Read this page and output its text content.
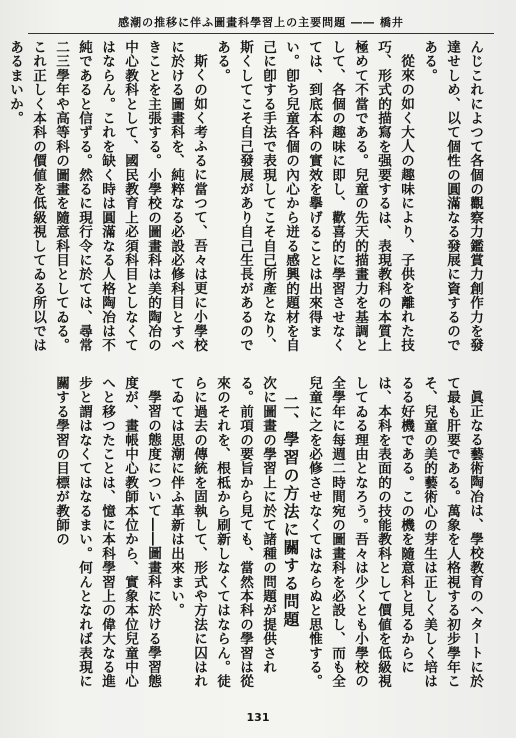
感潮の推移に伴ふ圖畫科學習上の主要問題 ―― 橋井

んじこれによつて各個の觀察力鑑賞力創作力を發達せしめ、以て個性の圓滿なる發展に資するのである。

從來の如く大人の趣味により、子供を離れた技巧、形式的描寫を强要するは、表現教科の本質上極めて不當である。兒童の先天的描畫力を基調として、各個の趣味に即し、歡喜的に學習させなくては、到底本科の實效を擧げることは出來得まい。卽ち兒童各個の內心から迸る感興的題材を自己に卽する手法で表現してこそ自己所產となり、斯くしてこそ自己發展があり自己生長があるのである。

斯くの如く考ふるに當つて、吾々は更に小學校に於ける圖畫科を、純粹なる必設必修科目とすべきことを主張する。小學校の圖畫科は美的陶冶の中心教科として、國民教育上必須科目としなくてはならん。これを缺く時は圓滿なる人格陶冶は不純であると信ずる。然るに現行令に於ては、尋常二三學年や高等科の圖畫を隨意科目としてゐる。これ正しく本科の價値を低級視してゐる所以ではあるまいか。

眞正なる藝術陶冶は、學校教育のヘタートに於て最も肝要である。萬象を人格視する初步學年こそ、兒童の美的藝術心の芽生は正しく美しく培はるる好機である。この機を隨意科と見るからには、本科を表面的の技能教科として價値を低級視してゐる理由となろう。吾々は少くとも小學校の全學年に每週二時間宛の圖畫科を必設し、而も全兒童に之を必修させなくてはならぬと思惟する。

二、學習の方法に關する問題

次に圖畫の學習上に於て諸種の問題が提供される。前項の要旨から見ても、當然本科の學習は從來のそれを、根柢から刷新しなくてはならん。徒らに過去の傳統を固執して、形式や方法に囚はれてゐては思潮に伴ふ革新は出來まい。

學習の態度について――圖畫科に於ける學習態度が、畫帳中心教師本位から、實象本位兒童中心へと移つたことは、憶に本科學習上の偉大なる進步と謂はなくてはなるまい。何んとなれば表現に關する學習の目標が教師の

131
